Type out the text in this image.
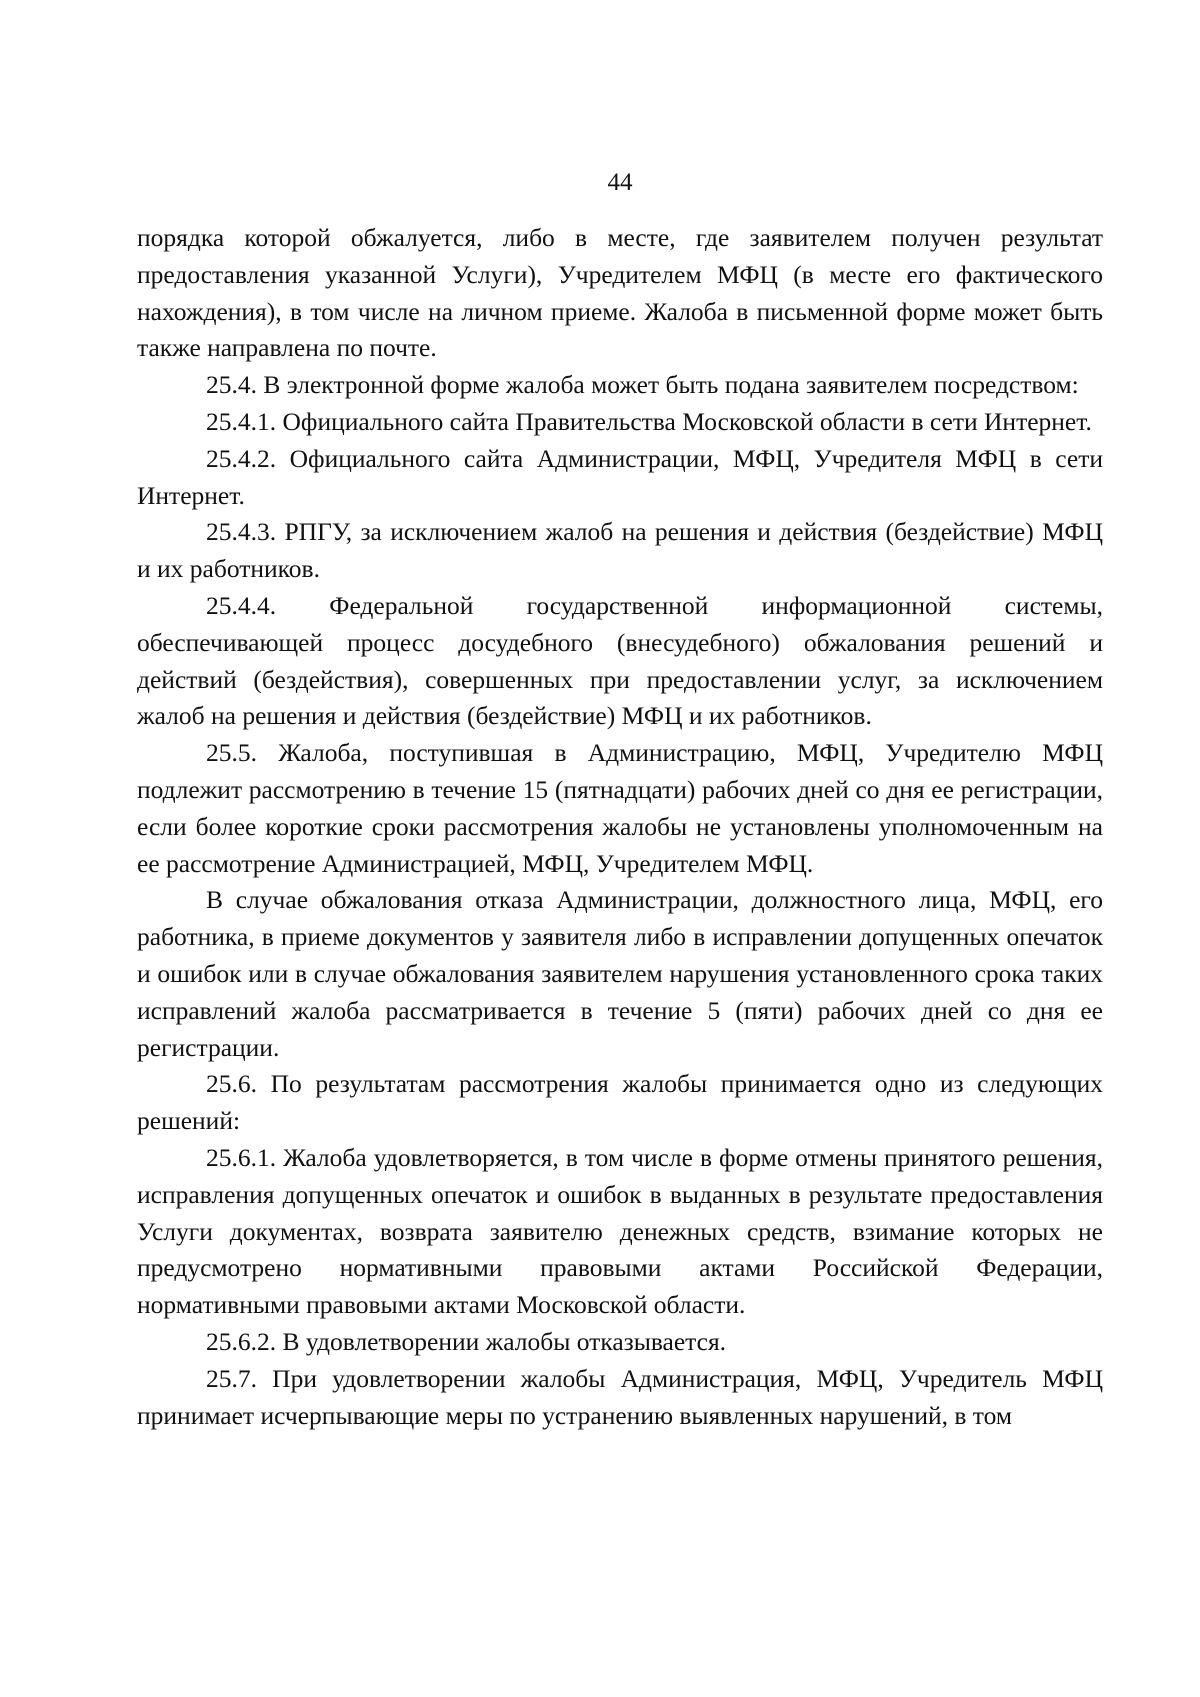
44

порядка которой обжалуется, либо в месте, где заявителем получен результат предоставления указанной Услуги), Учредителем МФЦ (в месте его фактического нахождения), в том числе на личном приеме. Жалоба в письменной форме может быть также направлена по почте.

25.4. В электронной форме жалоба может быть подана заявителем посредством:

25.4.1. Официального сайта Правительства Московской области в сети Интернет.

25.4.2. Официального сайта Администрации, МФЦ, Учредителя МФЦ в сети Интернет.

25.4.3. РПГУ, за исключением жалоб на решения и действия (бездействие) МФЦ и их работников.

25.4.4. Федеральной государственной информационной системы, обеспечивающей процесс досудебного (внесудебного) обжалования решений и действий (бездействия), совершенных при предоставлении услуг, за исключением жалоб на решения и действия (бездействие) МФЦ и их работников.

25.5. Жалоба, поступившая в Администрацию, МФЦ, Учредителю МФЦ подлежит рассмотрению в течение 15 (пятнадцати) рабочих дней со дня ее регистрации, если более короткие сроки рассмотрения жалобы не установлены уполномоченным на ее рассмотрение Администрацией, МФЦ, Учредителем МФЦ.

В случае обжалования отказа Администрации, должностного лица, МФЦ, его работника, в приеме документов у заявителя либо в исправлении допущенных опечаток и ошибок или в случае обжалования заявителем нарушения установленного срока таких исправлений жалоба рассматривается в течение 5 (пяти) рабочих дней со дня ее регистрации.

25.6. По результатам рассмотрения жалобы принимается одно из следующих решений:

25.6.1. Жалоба удовлетворяется, в том числе в форме отмены принятого решения, исправления допущенных опечаток и ошибок в выданных в результате предоставления Услуги документах, возврата заявителю денежных средств, взимание которых не предусмотрено нормативными правовыми актами Российской Федерации, нормативными правовыми актами Московской области.

25.6.2. В удовлетворении жалобы отказывается.

25.7. При удовлетворении жалобы Администрация, МФЦ, Учредитель МФЦ принимает исчерпывающие меры по устранению выявленных нарушений, в том
